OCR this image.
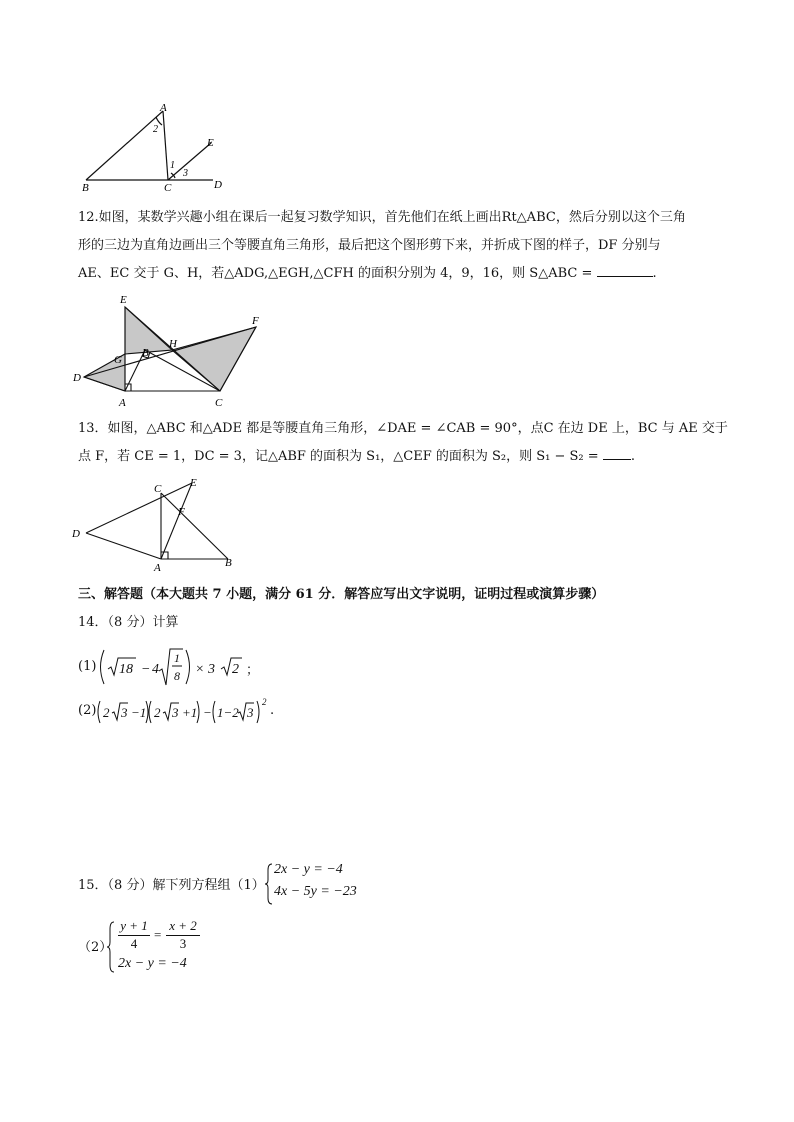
A
2
E
1
3
B	C	D
12.如图，某数学兴趣小组在课后一起复习数学知识，首先他们在纸上画出Rt△ABC，然后分别以这个三角
形的三边为直角边画出三个等腰直角三角形，最后把这个图形剪下来，并折成下图的样子，DF 分别与
AE、EC 交于 G、H，若△ADG,△EGH,△CFH 的面积分别为 4，9，16，则 S△ABC =	.
E
F
H
G
B
D
A	C
13．如图，△ABC 和△ADE 都是等腰直角三角形，∠DAE = ∠CAB = 90°，点C 在边 DE 上，BC 与 AE 交于
点 F，若 CE = 1，DC = 3，记△ABF 的面积为 S₁，△CEF 的面积为 S₂，则 S₁ − S₂ = .
C	E
F
D
A	B
三、解答题（本大题共 7 小题，满分 61 分．解答应写出文字说明，证明过程或演算步骤）
14．（8 分）计算
(1) 18 − 4
1
8 × 3 2 ；
(2) 2 3 −1 2 3 +1 − 1−2 3
2
.
15．（8 分）解下列方程组（1）
2x − y = −4
4x − 5y = −23
（2）
y + 1
4
=
x + 2
3
2x − y = −4
